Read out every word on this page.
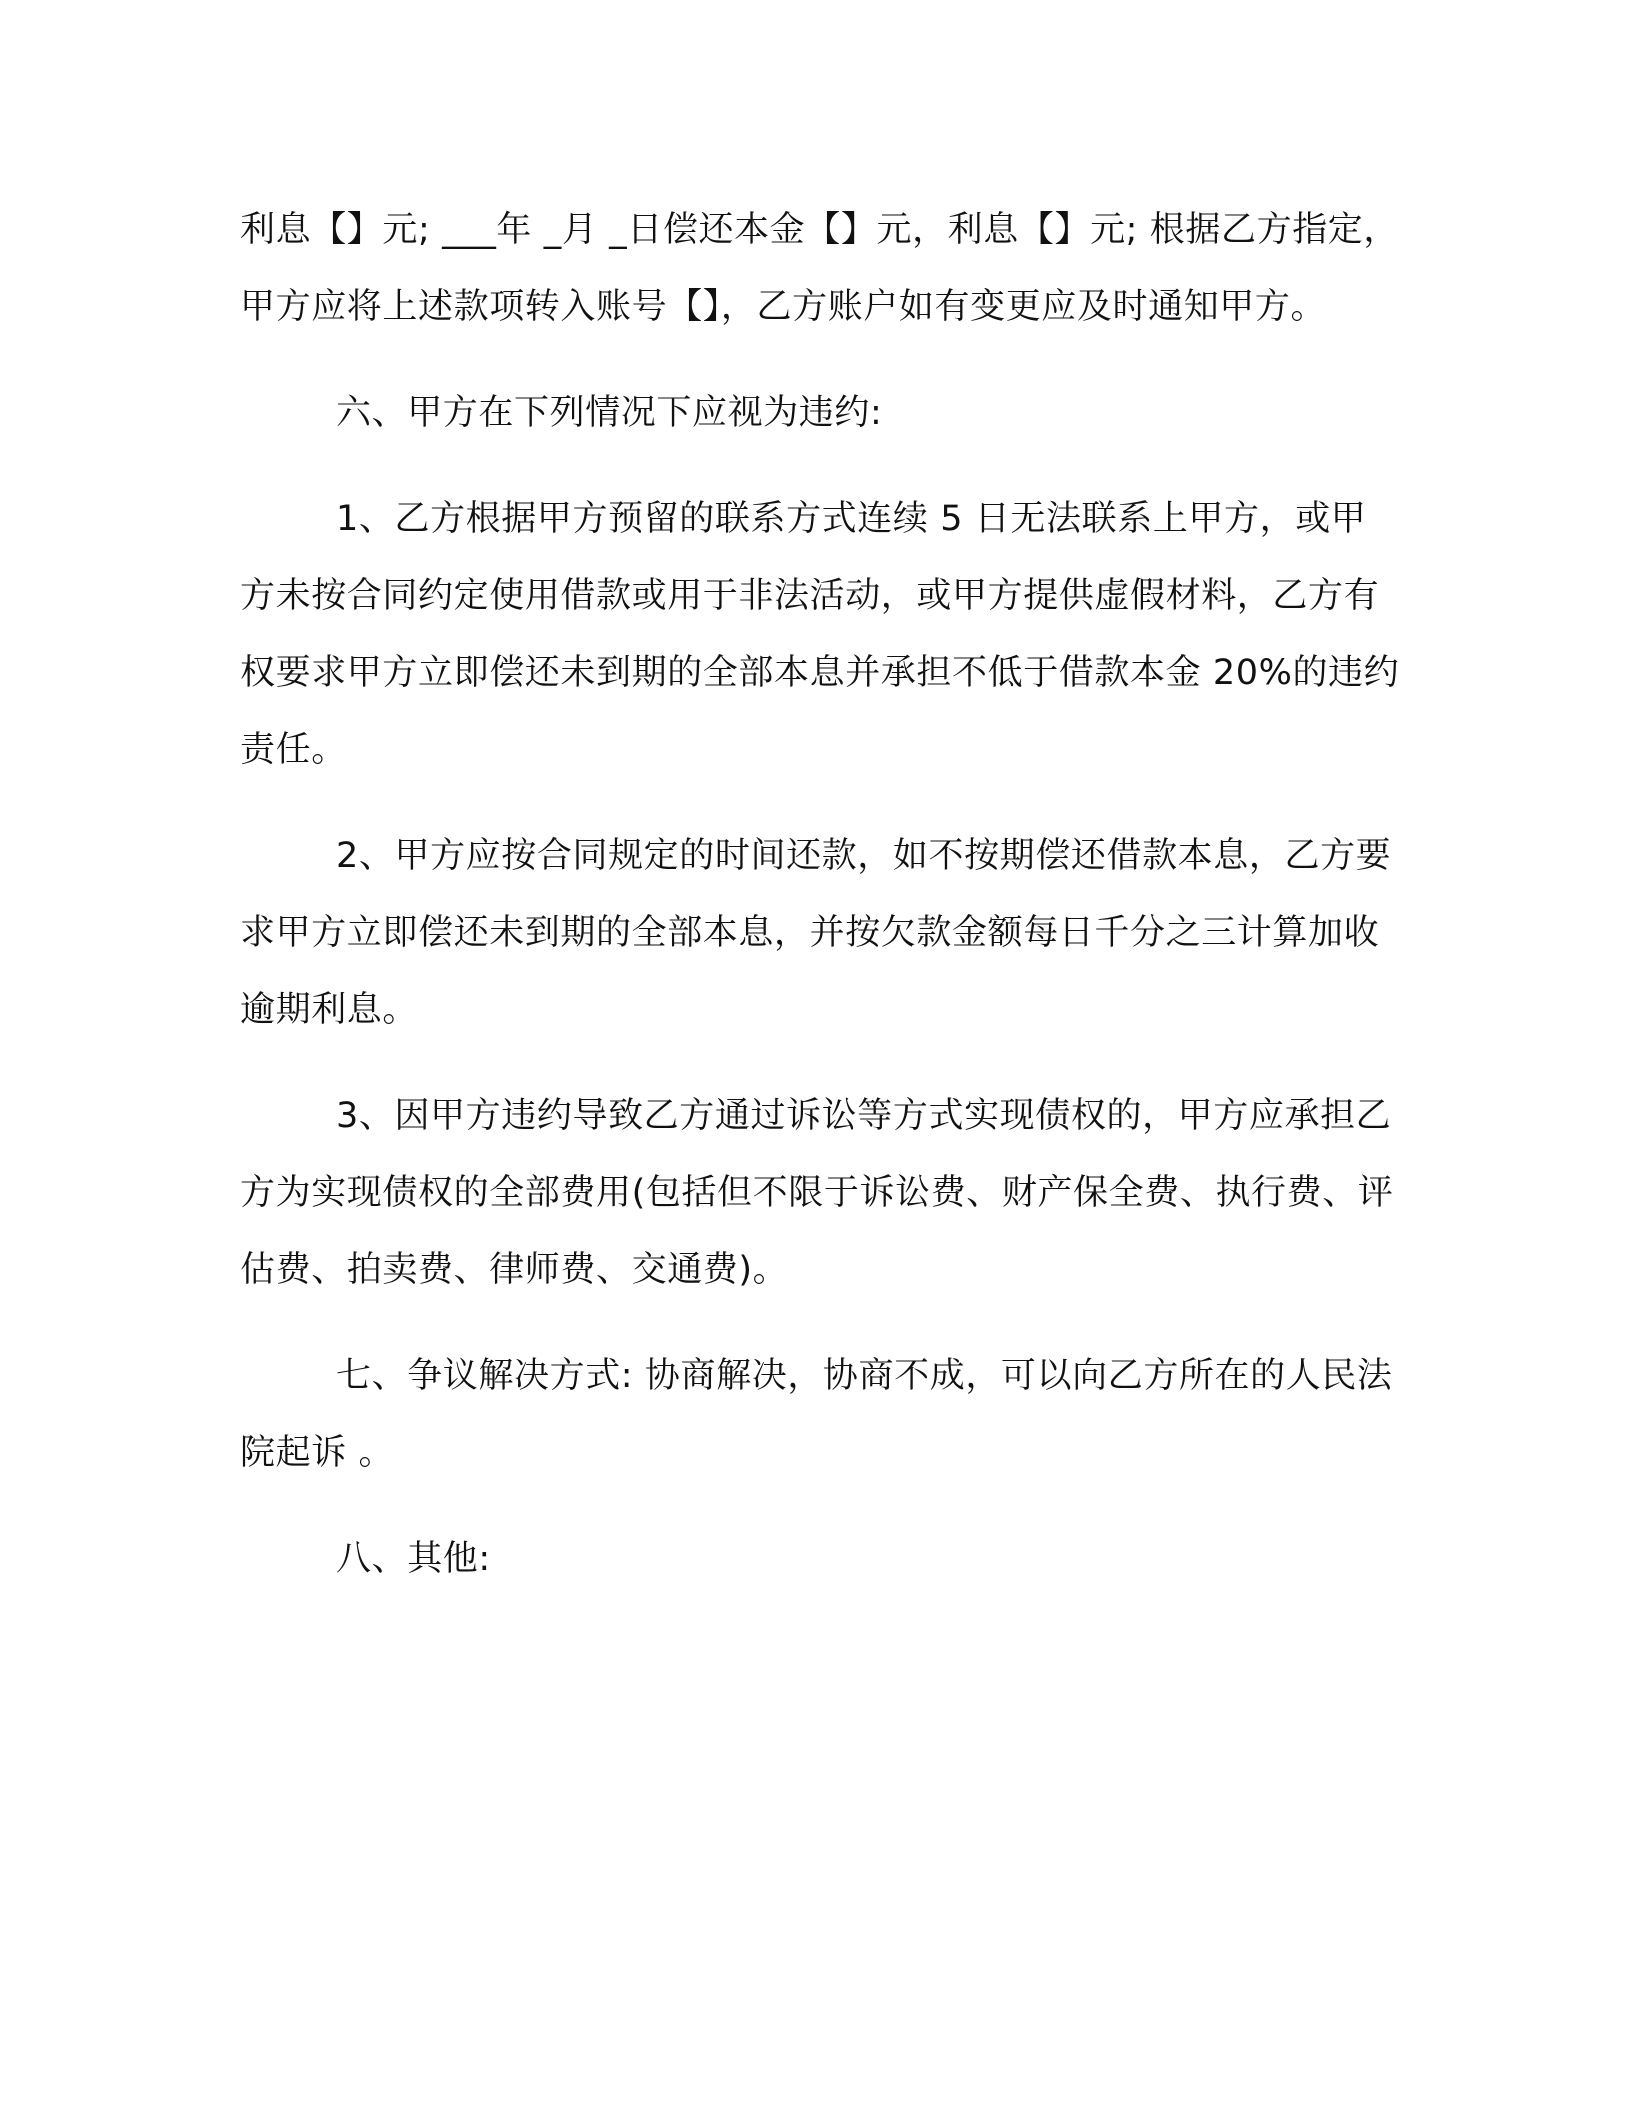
利息【】元; ___年 _月 _日偿还本金【】元，利息【】元; 根据乙方指定，甲方应将上述款项转入账号【】，乙方账户如有变更应及时通知甲方。

六、甲方在下列情况下应视为违约:

1、乙方根据甲方预留的联系方式连续 5 日无法联系上甲方，或甲方未按合同约定使用借款或用于非法活动，或甲方提供虚假材料，乙方有权要求甲方立即偿还未到期的全部本息并承担不低于借款本金 20%的违约责任。

2、甲方应按合同规定的时间还款，如不按期偿还借款本息，乙方要求甲方立即偿还未到期的全部本息，并按欠款金额每日千分之三计算加收逾期利息。

3、因甲方违约导致乙方通过诉讼等方式实现债权的，甲方应承担乙方为实现债权的全部费用(包括但不限于诉讼费、财产保全费、执行费、评估费、拍卖费、律师费、交通费)。

七、争议解决方式: 协商解决，协商不成，可以向乙方所在的人民法院起诉 。

八、其他:
